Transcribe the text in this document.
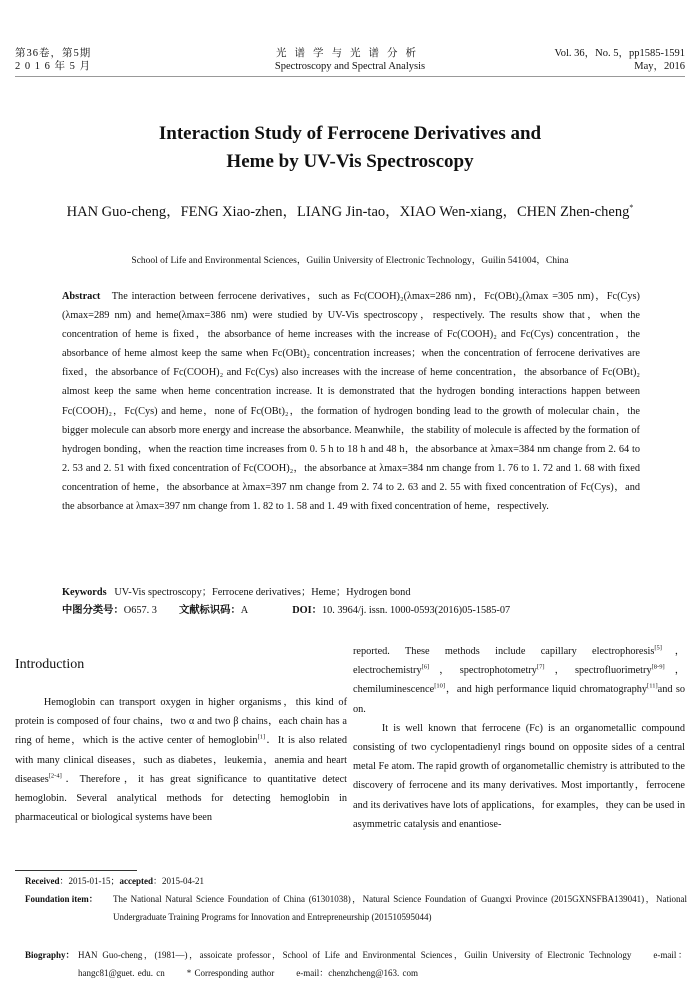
第36卷，第5期
2 0 1 6 年 5 月
光谱学与光谱分析
Spectroscopy and Spectral Analysis
Vol. 36，No. 5，pp1585-1591
May，2016
Interaction Study of Ferrocene Derivatives and
Heme by UV-Vis Spectroscopy
HAN Guo-cheng，FENG Xiao-zhen，LIANG Jin-tao，XIAO Wen-xiang，CHEN Zhen-cheng*
School of Life and Environmental Sciences，Guilin University of Electronic Technology，Guilin 541004，China
Abstract The interaction between ferrocene derivatives，such as Fc(COOH)₂(λmax=286 nm)，Fc(OBt)₂(λmax =305 nm)，Fc(Cys)(λmax=289 nm) and heme(λmax=386 nm) were studied by UV-Vis spectroscopy，respectively. The results show that，when the concentration of heme is fixed，the absorbance of heme increases with the increase of Fc(COOH)₂ and Fc(Cys) concentration，the absorbance of heme almost keep the same when Fc(OBt)₂ concentration increases；when the concentration of ferrocene derivatives are fixed，the absorbance of Fc(COOH)₂ and Fc(Cys) also increases with the increase of heme concentration，the absorbance of Fc(OBt)₂ almost keep the same when heme concentration increase. It is demonstrated that the hydrogen bonding interactions happen between Fc(COOH)₂，Fc(Cys) and heme，none of Fc(OBt)₂，the formation of hydrogen bonding lead to the growth of molecular chain，the bigger molecule can absorb more energy and increase the absorbance. Meanwhile，the stability of molecule is affected by the formation of hydrogen bonding，when the reaction time increases from 0. 5 h to 18 h and 48 h，the absorbance at λmax=384 nm change from 2. 64 to 2. 53 and 2. 51 with fixed concentration of Fc(COOH)₂，the absorbance at λmax=384 nm change from 1. 76 to 1. 72 and 1. 68 with fixed concentration of heme，the absorbance at λmax=397 nm change from 2. 74 to 2. 63 and 2. 55 with fixed concentration of Fc(Cys)，and the absorbance at λmax=397 nm change from 1. 82 to 1. 58 and 1. 49 with fixed concentration of heme，respectively.
Keywords UV-Vis spectroscopy；Ferrocene derivatives；Heme；Hydrogen bond
中图分类号：O657. 3 文献标识码：A	DOI：10. 3964/j. issn. 1000-0593(2016)05-1585-07
Introduction

Hemoglobin can transport oxygen in higher organisms，this kind of protein is composed of four chains，two α and two β chains，each chain has a ring of heme，which is the active center of hemoglobin[1]．It is also related with many clinical diseases，such as diabetes，leukemia，anemia and heart diseases[2-4]．Therefore，it has great significance to quantitative detect hemoglobin. Several analytical methods for detecting hemoglobin in pharmaceutical or biological systems have been

reported. These methods include capillary electrophoresis[5]，electrochemistry[6]，spectrophotometry[7]，spectrofluorimetry[8-9]，chemiluminescence[10]，and high performance liquid chromatography[11]and so on.

It is well known that ferrocene (Fc) is an organometallic compound consisting of two cyclopentadienyl rings bound on opposite sides of a central metal Fe atom. The rapid growth of organometallic chemistry is attributed to the discovery of ferrocene and its many derivatives. Most importantly，ferrocene and its derivatives have lots of applications，for examples，they can be used in asymmetric catalysis and enantiose-

Received：2015-01-15；accepted：2015-04-21
Foundation item：	The National Natural Science Foundation of China (61301038)，Natural Science Foundation of Guangxi Province (2015GXNSFBA139041)，National Undergraduate Training Programs for Innovation and Entrepreneurship (201510595044)
Biography： HAN Guo-cheng，(1981—)，assoicate professor，School of Life and Environmental Sciences，Guilin University of Electronic Technology e-mail：hangc81@guet. edu. cn * Corresponding author e-mail：chenzhcheng@163. com
